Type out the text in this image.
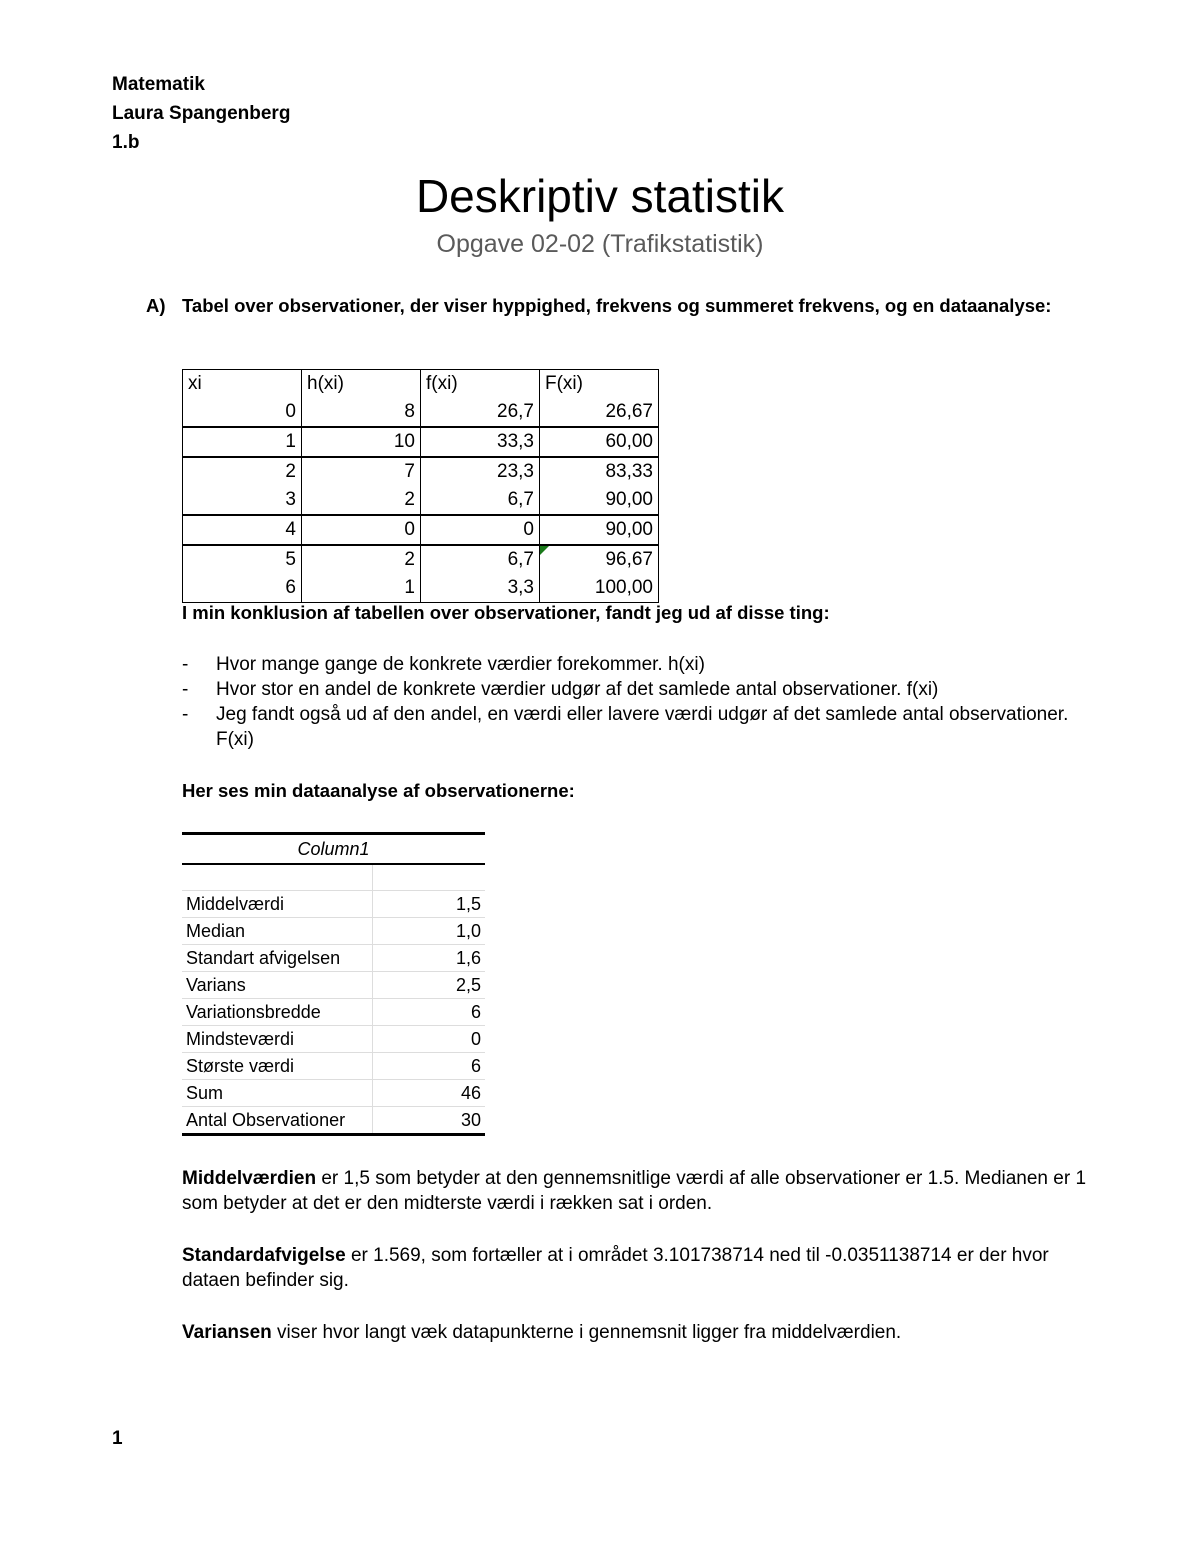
Matematik
Laura Spangenberg
1.b
Deskriptiv statistik
Opgave 02-02 (Trafikstatistik)
A) Tabel over observationer, der viser hyppighed, frekvens og summeret frekvens, og en dataanalyse:
xi	h(xi)	f(xi)	F(xi)
0	8	26,7	26,67
1	10	33,3	60,00
2	7	23,3	83,33
3	2	6,7	90,00
4	0	0	90,00
5	2	6,7	96,67
6	1	3,3	100,00
I min konklusion af tabellen over observationer, fandt jeg ud af disse ting:
- Hvor mange gange de konkrete værdier forekommer. h(xi)
- Hvor stor en andel de konkrete værdier udgør af det samlede antal observationer. f(xi)
- Jeg fandt også ud af den andel, en værdi eller lavere værdi udgør af det samlede antal observationer. F(xi)
Her ses min dataanalyse af observationerne:
Column1	

Middelværdi	1,5
Median	1,0
Standart afvigelsen	1,6
Varians	2,5
Variationsbredde	6
Mindsteværdi	0
Største værdi	6
Sum	46
Antal Observationer	30

Middelværdien er 1,5 som betyder at den gennemsnitlige værdi af alle observationer er 1.5. Medianen er 1 som betyder at det er den midterste værdi i rækken sat i orden.

Standardafvigelse er 1.569, som fortæller at i området 3.101738714 ned til -0.0351138714 er der hvor dataen befinder sig.

Variansen viser hvor langt væk datapunkterne i gennemsnit ligger fra middelværdien.

1
